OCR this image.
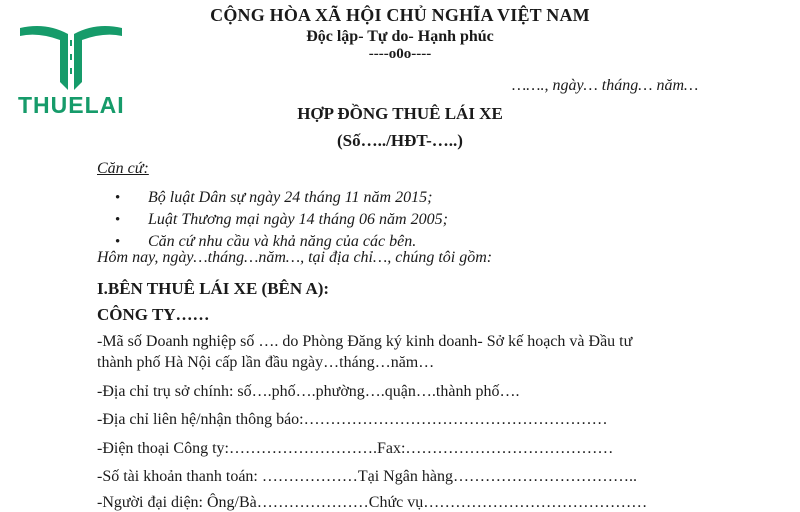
THUELAI
CỘNG HÒA XÃ HỘI CHỦ NGHĨA VIỆT NAM
Độc lập- Tự do- Hạnh phúc
----o0o----
……., ngày… tháng… năm…
HỢP ĐỒNG THUÊ LÁI XE
(Số…../HĐT-…..)
Căn cứ:
• Bộ luật Dân sự ngày 24 tháng 11 năm 2015;
• Luật Thương mại ngày 14 tháng 06 năm 2005;
• Căn cứ nhu cầu và khả năng của các bên.
Hôm nay, ngày…tháng…năm…, tại địa chỉ…, chúng tôi gồm:
I.BÊN THUÊ LÁI XE (BÊN A):
CÔNG TY……
-Mã số Doanh nghiệp số …. do Phòng Đăng ký kinh doanh- Sở kế hoạch và Đầu tư
thành phố Hà Nội cấp lần đầu ngày…tháng…năm…
-Địa chỉ trụ sở chính: số….phố….phường….quận….thành phố….
-Địa chỉ liên hệ/nhận thông báo:…………………………………………………
-Điện thoại Công ty:……………………….Fax:…………………………………
-Số tài khoản thanh toán: ………………Tại Ngân hàng……………………………..
-Người đại diện: Ông/Bà…………………Chức vụ……………………………………
